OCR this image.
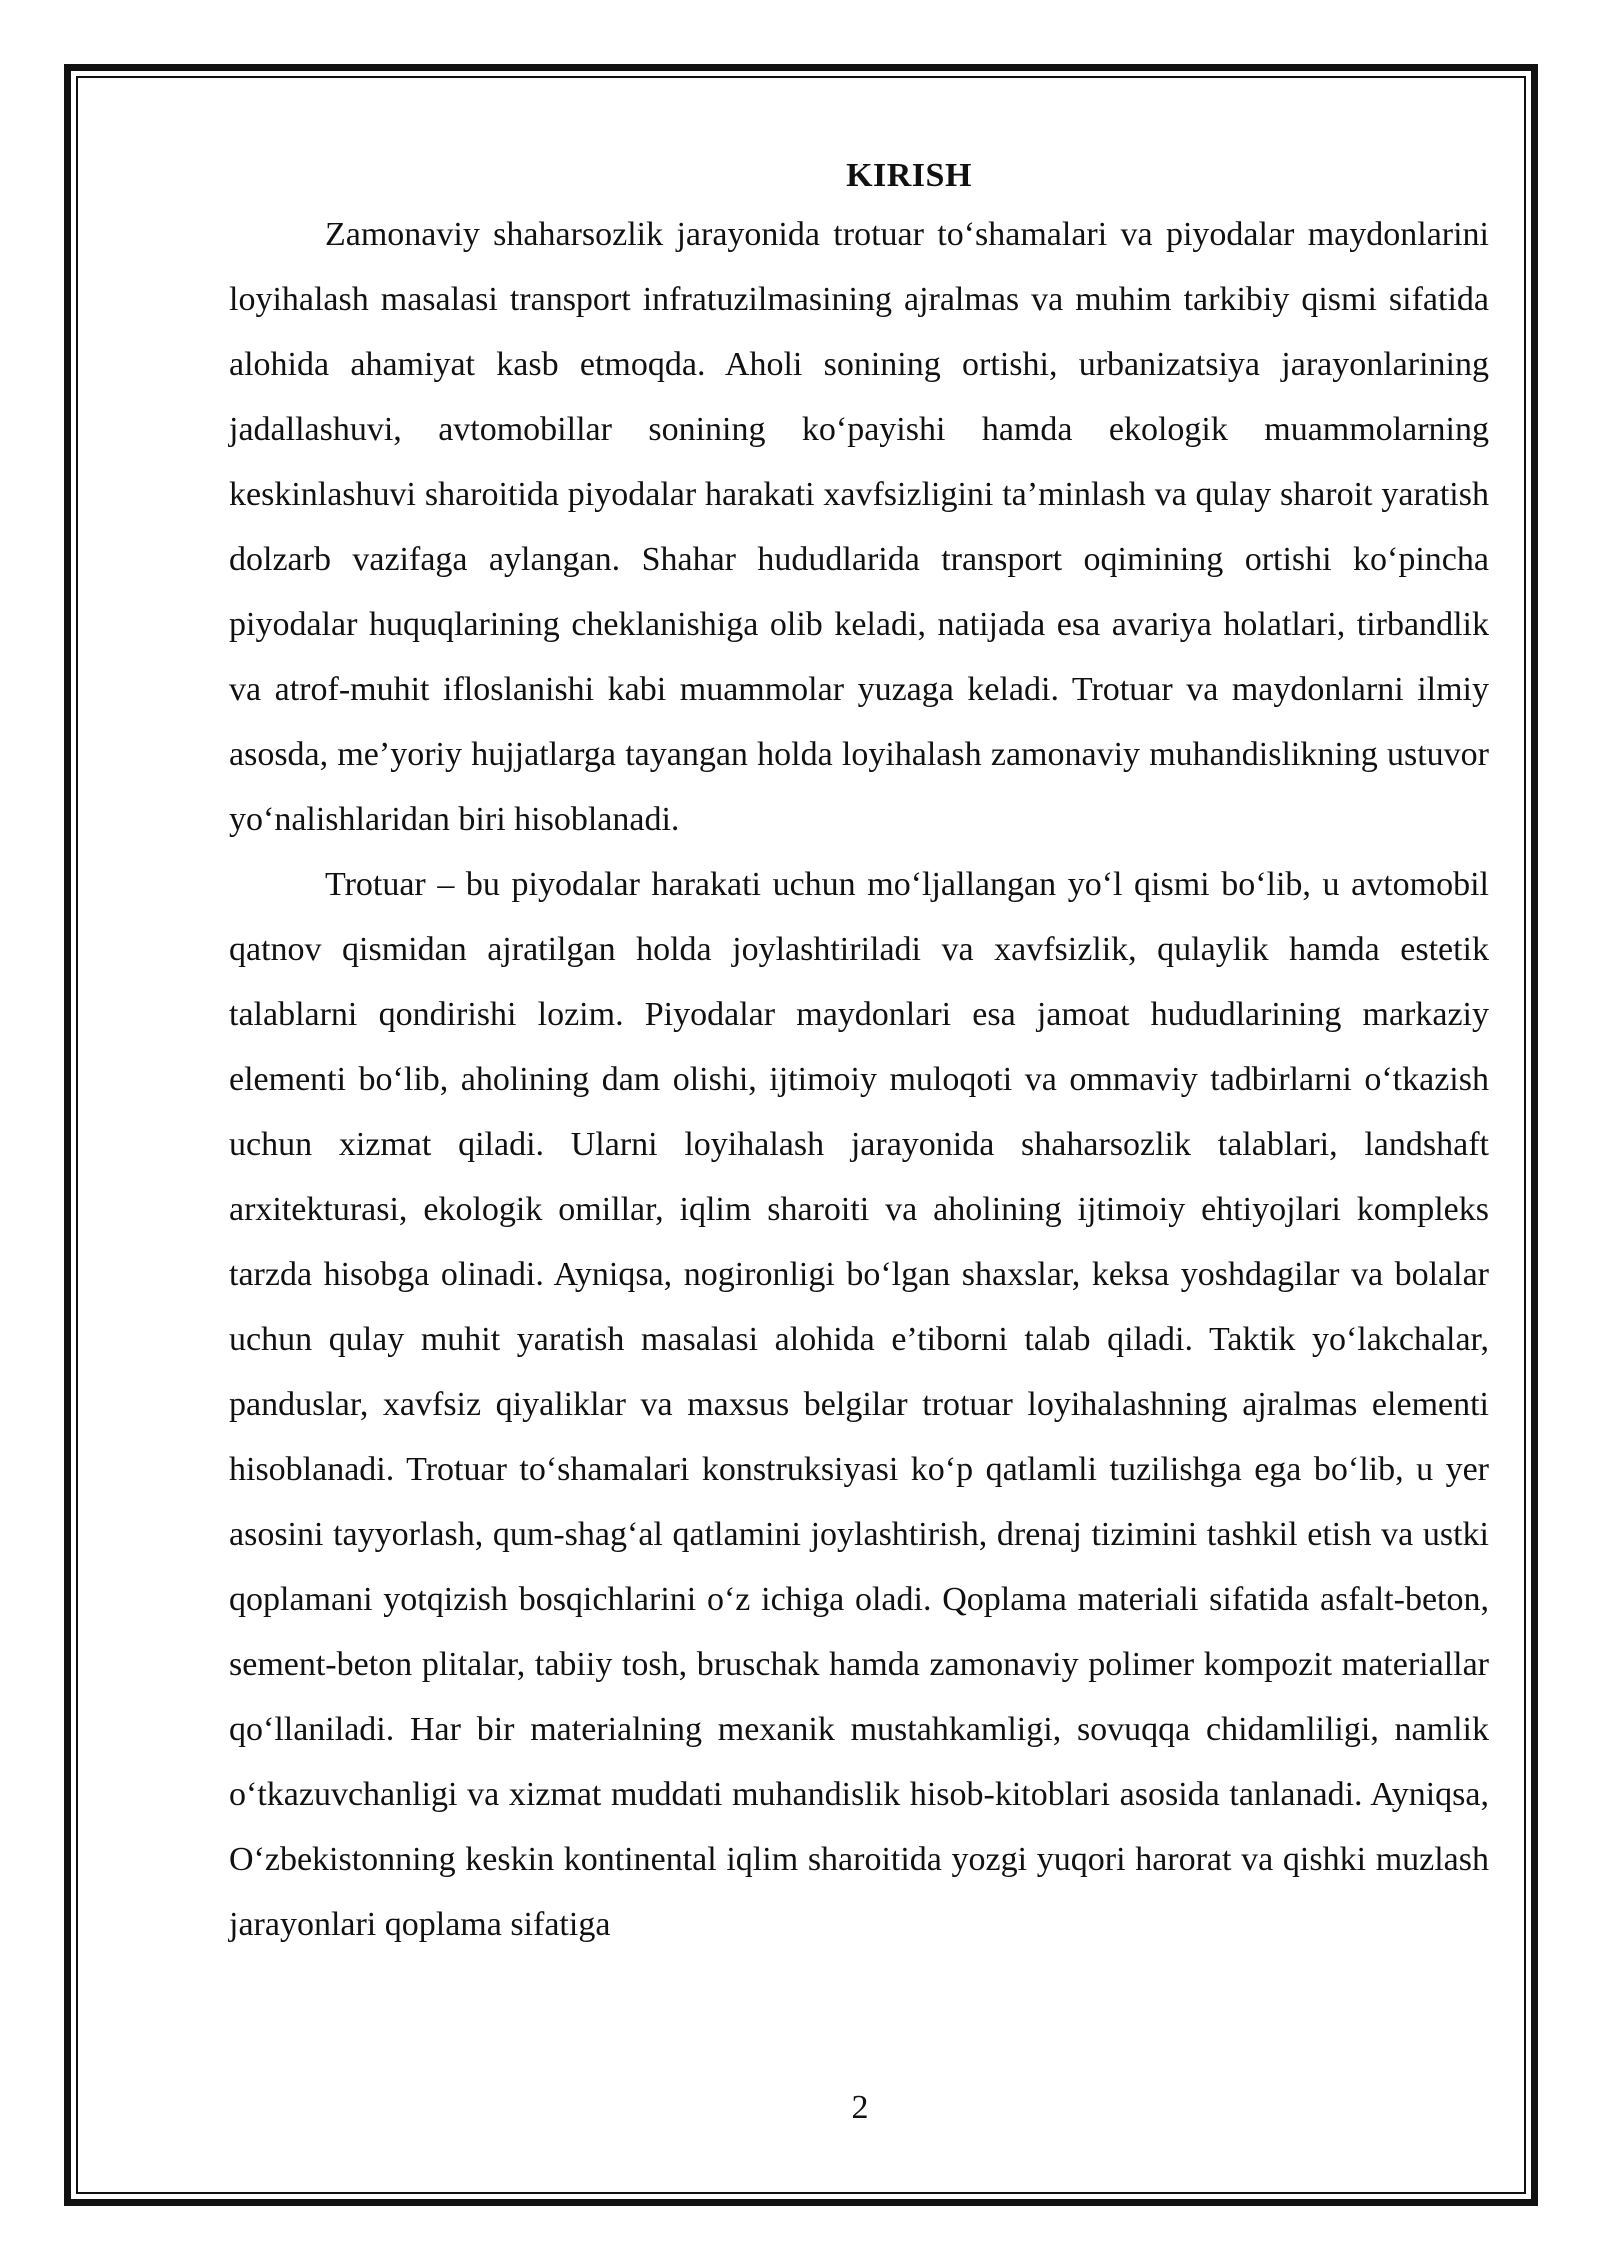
KIRISH

Zamonaviy shaharsozlik jarayonida trotuar to‘shamalari va piyodalar maydonlarini loyihalash masalasi transport infratuzilmasining ajralmas va muhim tarkibiy qismi sifatida alohida ahamiyat kasb etmoqda. Aholi sonining ortishi, urbanizatsiya jarayonlarining jadallashuvi, avtomobillar sonining ko‘payishi hamda ekologik muammolarning keskinlashuvi sharoitida piyodalar harakati xavfsizligini ta’minlash va qulay sharoit yaratish dolzarb vazifaga aylangan. Shahar hududlarida transport oqimining ortishi ko‘pincha piyodalar huquqlarining cheklanishiga olib keladi, natijada esa avariya holatlari, tirbandlik va atrof-muhit ifloslanishi kabi muammolar yuzaga keladi. Trotuar va maydonlarni ilmiy asosda, me’yoriy hujjatlarga tayangan holda loyihalash zamonaviy muhandislikning ustuvor yo‘nalishlaridan biri hisoblanadi.

Trotuar – bu piyodalar harakati uchun mo‘ljallangan yo‘l qismi bo‘lib, u avtomobil qatnov qismidan ajratilgan holda joylashtiriladi va xavfsizlik, qulaylik hamda estetik talablarni qondirishi lozim. Piyodalar maydonlari esa jamoat hududlarining markaziy elementi bo‘lib, aholining dam olishi, ijtimoiy muloqoti va ommaviy tadbirlarni o‘tkazish uchun xizmat qiladi. Ularni loyihalash jarayonida shaharsozlik talablari, landshaft arxitekturasi, ekologik omillar, iqlim sharoiti va aholining ijtimoiy ehtiyojlari kompleks tarzda hisobga olinadi. Ayniqsa, nogironligi bo‘lgan shaxslar, keksa yoshdagilar va bolalar uchun qulay muhit yaratish masalasi alohida e’tiborni talab qiladi. Taktik yo‘lakchalar, panduslar, xavfsiz qiyaliklar va maxsus belgilar trotuar loyihalashning ajralmas elementi hisoblanadi. Trotuar to‘shamalari konstruksiyasi ko‘p qatlamli tuzilishga ega bo‘lib, u yer asosini tayyorlash, qum-shag‘al qatlamini joylashtirish, drenaj tizimini tashkil etish va ustki qoplamani yotqizish bosqichlarini o‘z ichiga oladi. Qoplama materiali sifatida asfalt-beton, sement-beton plitalar, tabiiy tosh, bruschak hamda zamonaviy polimer kompozit materiallar qo‘llaniladi. Har bir materialning mexanik mustahkamligi, sovuqqa chidamliligi, namlik o‘tkazuvchanligi va xizmat muddati muhandislik hisob-kitoblari asosida tanlanadi. Ayniqsa, O‘zbekistonning keskin kontinental iqlim sharoitida yozgi yuqori harorat va qishki muzlash jarayonlari qoplama sifatiga

2
